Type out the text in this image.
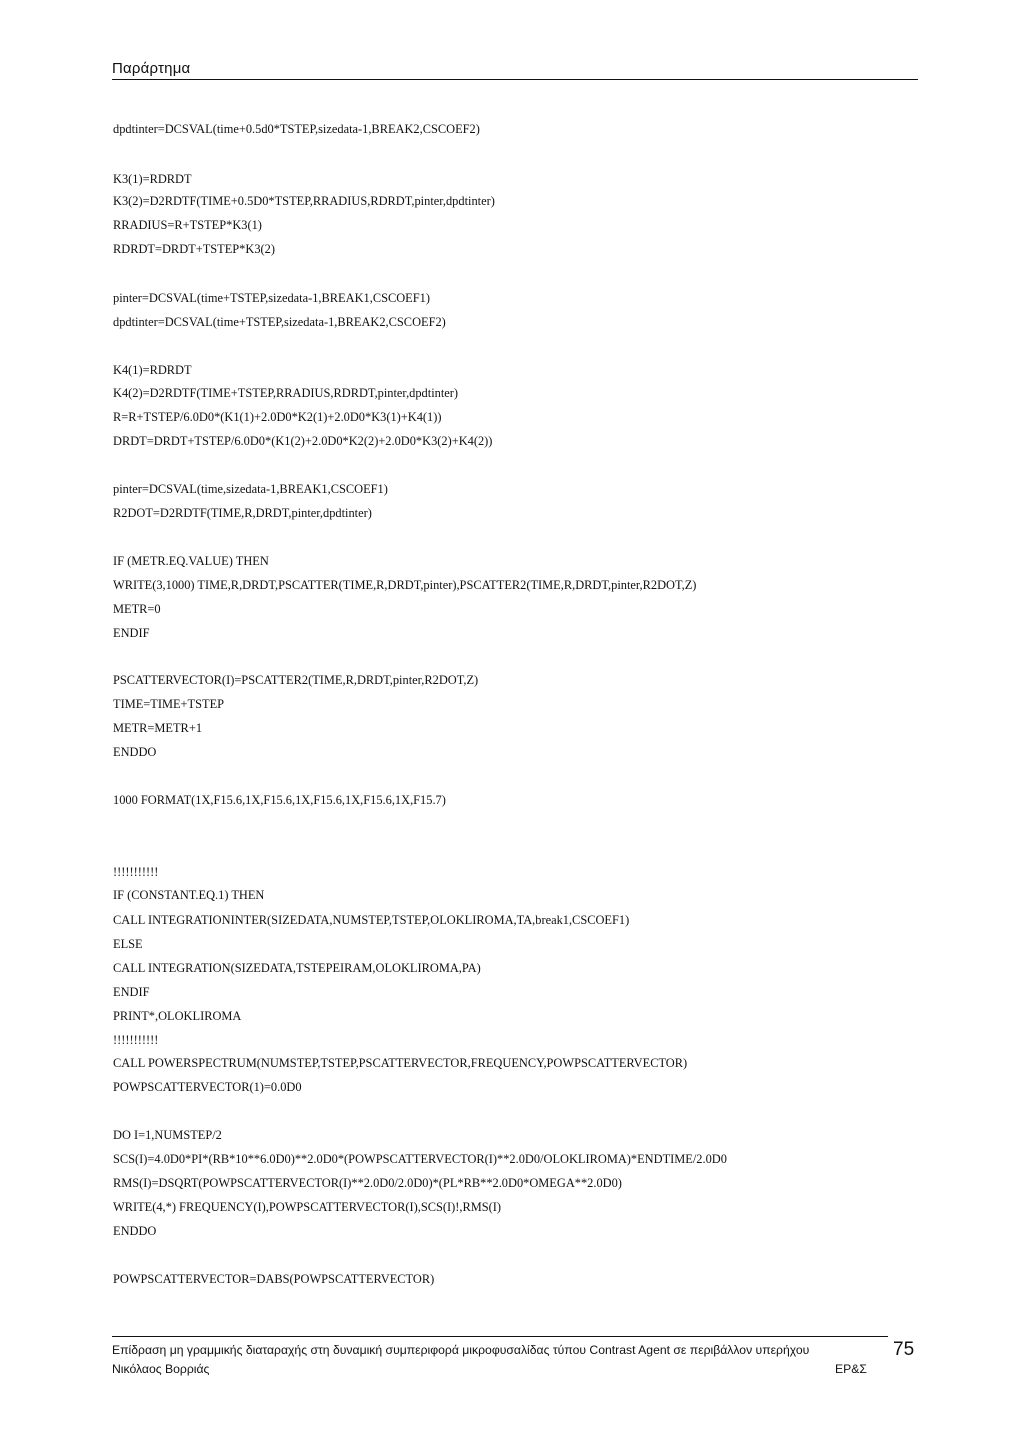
Παράρτημα

dpdtinter=DCSVAL(time+0.5d0*TSTEP,sizedata-1,BREAK2,CSCOEF2)

K3(1)=RDRDT

K3(2)=D2RDTF(TIME+0.5D0*TSTEP,RRADIUS,RDRDT,pinter,dpdtinter)

RRADIUS=R+TSTEP*K3(1)

RDRDT=DRDT+TSTEP*K3(2)

pinter=DCSVAL(time+TSTEP,sizedata-1,BREAK1,CSCOEF1)

dpdtinter=DCSVAL(time+TSTEP,sizedata-1,BREAK2,CSCOEF2)

K4(1)=RDRDT

K4(2)=D2RDTF(TIME+TSTEP,RRADIUS,RDRDT,pinter,dpdtinter)

R=R+TSTEP/6.0D0*(K1(1)+2.0D0*K2(1)+2.0D0*K3(1)+K4(1))

DRDT=DRDT+TSTEP/6.0D0*(K1(2)+2.0D0*K2(2)+2.0D0*K3(2)+K4(2))

pinter=DCSVAL(time,sizedata-1,BREAK1,CSCOEF1)

R2DOT=D2RDTF(TIME,R,DRDT,pinter,dpdtinter)

IF (METR.EQ.VALUE) THEN

WRITE(3,1000) TIME,R,DRDT,PSCATTER(TIME,R,DRDT,pinter),PSCATTER2(TIME,R,DRDT,pinter,R2DOT,Z)

METR=0

ENDIF

PSCATTERVECTOR(I)=PSCATTER2(TIME,R,DRDT,pinter,R2DOT,Z)

TIME=TIME+TSTEP

METR=METR+1

ENDDO

1000 FORMAT(1X,F15.6,1X,F15.6,1X,F15.6,1X,F15.6,1X,F15.7)

!!!!!!!!!!!

IF (CONSTANT.EQ.1) THEN

CALL INTEGRATIONINTER(SIZEDATA,NUMSTEP,TSTEP,OLOKLIROMA,TA,break1,CSCOEF1)

ELSE

CALL INTEGRATION(SIZEDATA,TSTEPEIRAM,OLOKLIROMA,PA)

ENDIF

PRINT*,OLOKLIROMA

!!!!!!!!!!!

CALL POWERSPECTRUM(NUMSTEP,TSTEP,PSCATTERVECTOR,FREQUENCY,POWPSCATTERVECTOR)

POWPSCATTERVECTOR(1)=0.0D0

DO I=1,NUMSTEP/2

SCS(I)=4.0D0*PI*(RB*10**6.0D0)**2.0D0*(POWPSCATTERVECTOR(I)**2.0D0/OLOKLIROMA)*ENDTIME/2.0D0

RMS(I)=DSQRT(POWPSCATTERVECTOR(I)**2.0D0/2.0D0)*(PL*RB**2.0D0*OMEGA**2.0D0)

WRITE(4,*) FREQUENCY(I),POWPSCATTERVECTOR(I),SCS(I)!,RMS(I)

ENDDO

POWPSCATTERVECTOR=DABS(POWPSCATTERVECTOR)

Επίδραση μη γραμμικής διαταραχής στη δυναμική συμπεριφορά μικροφυσαλίδας τύπου Contrast Agent σε περιβάλλον υπερήχου
Νικόλαος Βορριάς	ΕΡ&Σ
75
